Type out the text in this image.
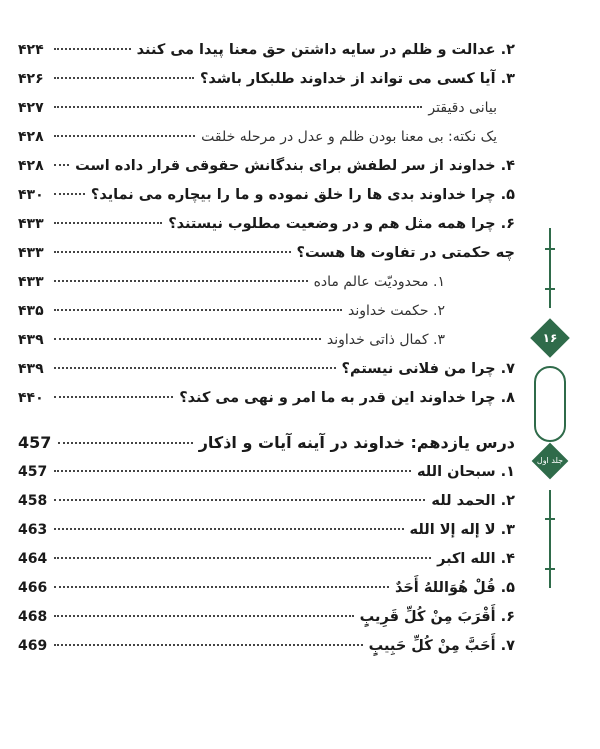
۲. عدالت و ظلم در سایه داشتن حق معنا پیدا می کنند
۴۲۴
۳. آیا کسی می تواند از خداوند طلبکار باشد؟
۴۲۶
بیانی دقیقتر
۴۲۷
یک نکته: بی معنا بودن ظلم و عدل در مرحله خلقت
۴۲۸
۴. خداوند از سر لطفش برای بندگانش حقوقی قرار داده است
۴۲۸
۵. چرا خداوند بدی ها را خلق نموده و ما را بیچاره می نماید؟
۴۳۰
۶. چرا همه مثل هم و در وضعیت مطلوب نیستند؟
۴۳۳
چه حکمتی در تفاوت ها هست؟
۴۳۳
۱. محدودیّت عالم ماده
۴۳۳
۲. حکمت خداوند
۴۳۵
۳. کمال ذاتی خداوند
۴۳۹
۷. چرا من فلانی نیستم؟
۴۳۹
۸. چرا خداوند این قدر به ما امر و نهی می کند؟
۴۴۰
درس یازدهم: خداوند در آینه آیات و اذکار
457
۱. سبحان الله
457
۲. الحمد لله
458
۳. لا إله إلا الله
463
۴. الله اکبر
464
۵. قُلْ هُوَاللهُ أَحَدٌ
466
۶. أَقْرَبَ مِنْ كُلِّ قَرِيبٍ
468
۷. أَحَبَّ مِنْ كُلِّ حَبِيبٍ
469
۱۶
جلد اول
